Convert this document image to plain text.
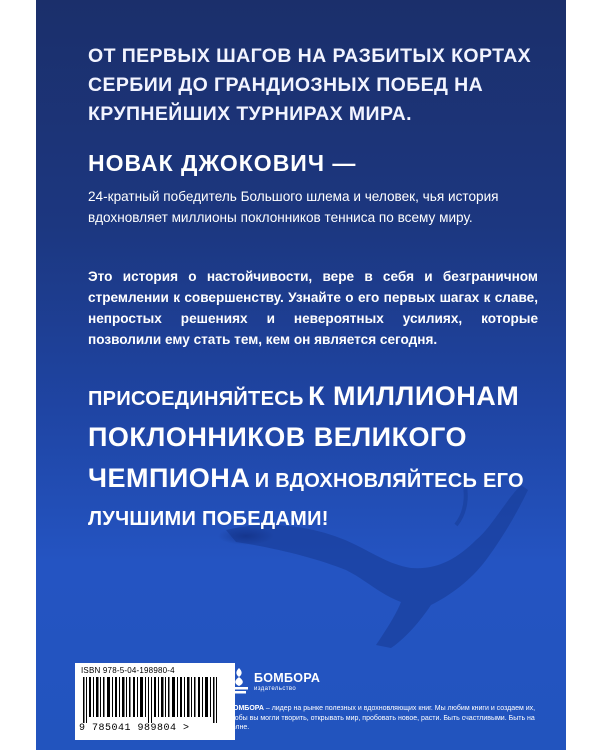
ОТ ПЕРВЫХ ШАГОВ НА РАЗБИТЫХ КОРТАХ СЕРБИИ ДО ГРАНДИОЗНЫХ ПОБЕД НА КРУПНЕЙШИХ ТУРНИРАХ МИРА.

НОВАК ДЖОКОВИЧ —

24-кратный победитель Большого шлема и человек, чья история вдохновляет миллионы поклонников тенниса по всему миру.

Это история о настойчивости, вере в себя и безграничном стремлении к совершенству. Узнайте о его первых шагах к славе, непростых решениях и невероятных усилиях, которые позволили ему стать тем, кем он является сегодня.

ПРИСОЕДИНЯЙТЕСЬ К МИЛЛИОНАМ ПОКЛОННИКОВ ВЕЛИКОГО ЧЕМПИОНА И ВДОХНОВЛЯЙТЕСЬ ЕГО ЛУЧШИМИ ПОБЕДАМИ!

ISBN 978-5-04-198980-4
9 785041 989804 >
БОМБОРА
издательство

БОМБОРА – лидер на рынке полезных и вдохновляющих книг. Мы любим книги и создаем их, чтобы вы могли творить, открывать мир, пробовать новое, расти. Быть счастливыми. Быть на волне.
